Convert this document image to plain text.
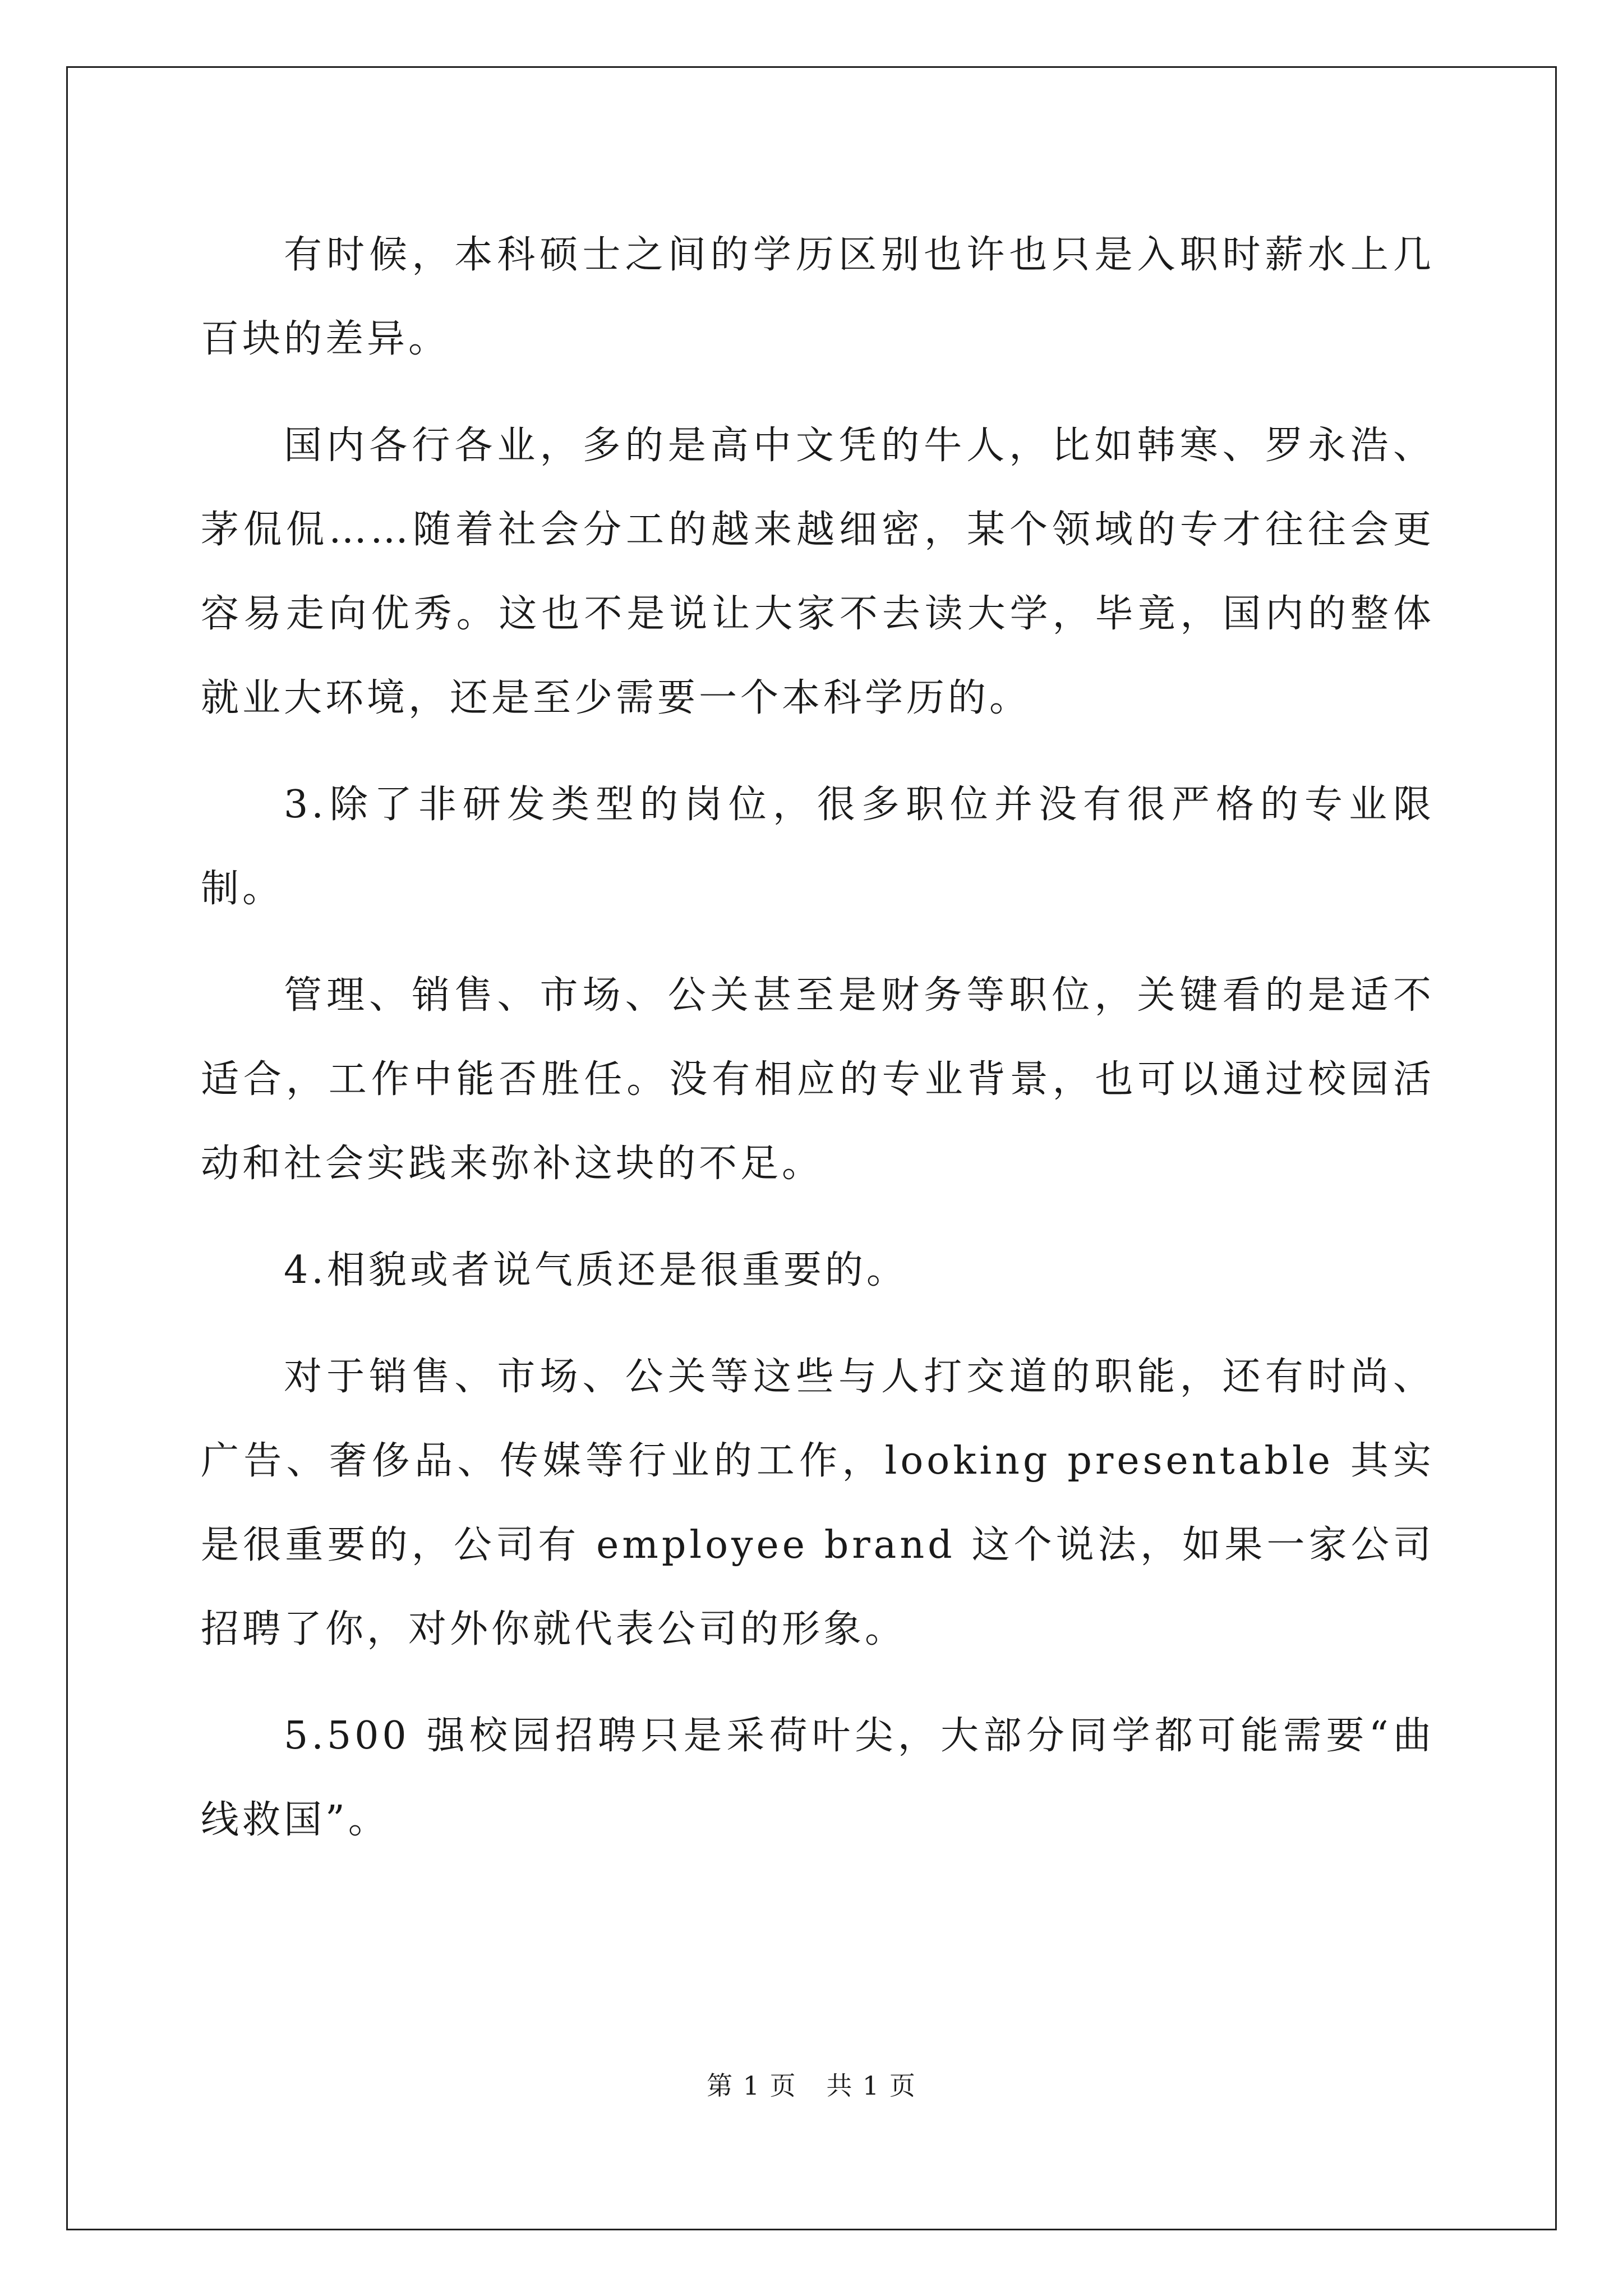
有时候，本科硕士之间的学历区别也许也只是入职时薪水上几百块的差异。

国内各行各业，多的是高中文凭的牛人，比如韩寒、罗永浩、茅侃侃……随着社会分工的越来越细密，某个领域的专才往往会更容易走向优秀。这也不是说让大家不去读大学，毕竟，国内的整体就业大环境，还是至少需要一个本科学历的。

3.除了非研发类型的岗位，很多职位并没有很严格的专业限制。

管理、销售、市场、公关甚至是财务等职位，关键看的是适不适合，工作中能否胜任。没有相应的专业背景，也可以通过校园活动和社会实践来弥补这块的不足。

4.相貌或者说气质还是很重要的。

对于销售、市场、公关等这些与人打交道的职能，还有时尚、广告、奢侈品、传媒等行业的工作，looking presentable 其实是很重要的，公司有 employee brand 这个说法，如果一家公司招聘了你，对外你就代表公司的形象。

5.500 强校园招聘只是采荷叶尖，大部分同学都可能需要“曲线救国”。

第 1 页 共 1 页
